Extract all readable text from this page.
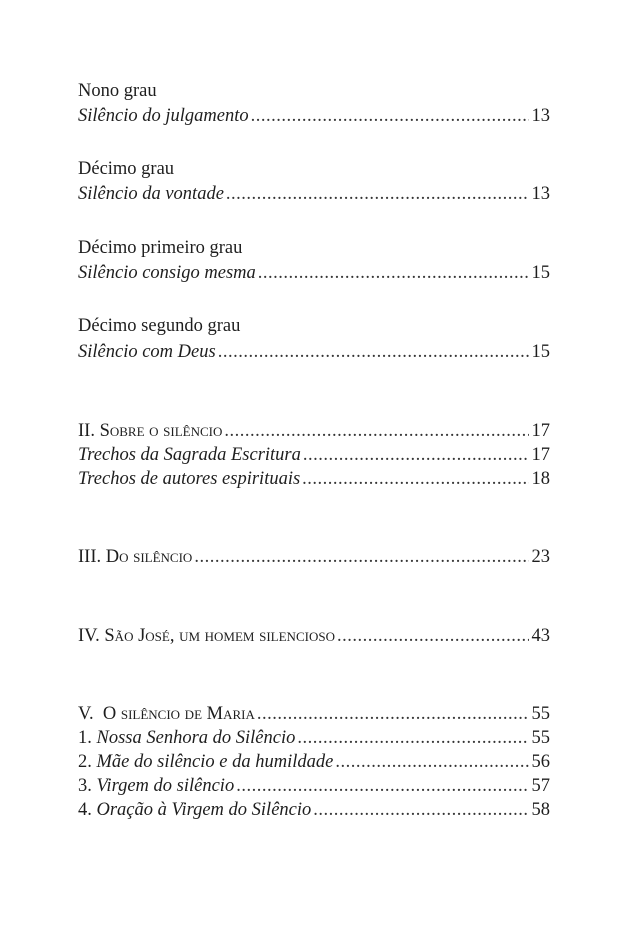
Nono grau
Silêncio do julgamento .....	13
Décimo grau
Silêncio da vontade .....	13
Décimo primeiro grau
Silêncio consigo mesma .....	15
Décimo segundo grau
Silêncio com Deus .....	15
II. Sobre o silêncio .....	17
Trechos da Sagrada Escritura .....	17
Trechos de autores espirituais .....	18
III. Do silêncio .....	23
IV. São José, um homem silencioso .....	43
V.  O silêncio de Maria .....	55
1. Nossa Senhora do Silêncio .....	55
2. Mãe do silêncio e da humildade .....	56
3. Virgem do silêncio .....	57
4. Oração à Virgem do Silêncio .....	58
